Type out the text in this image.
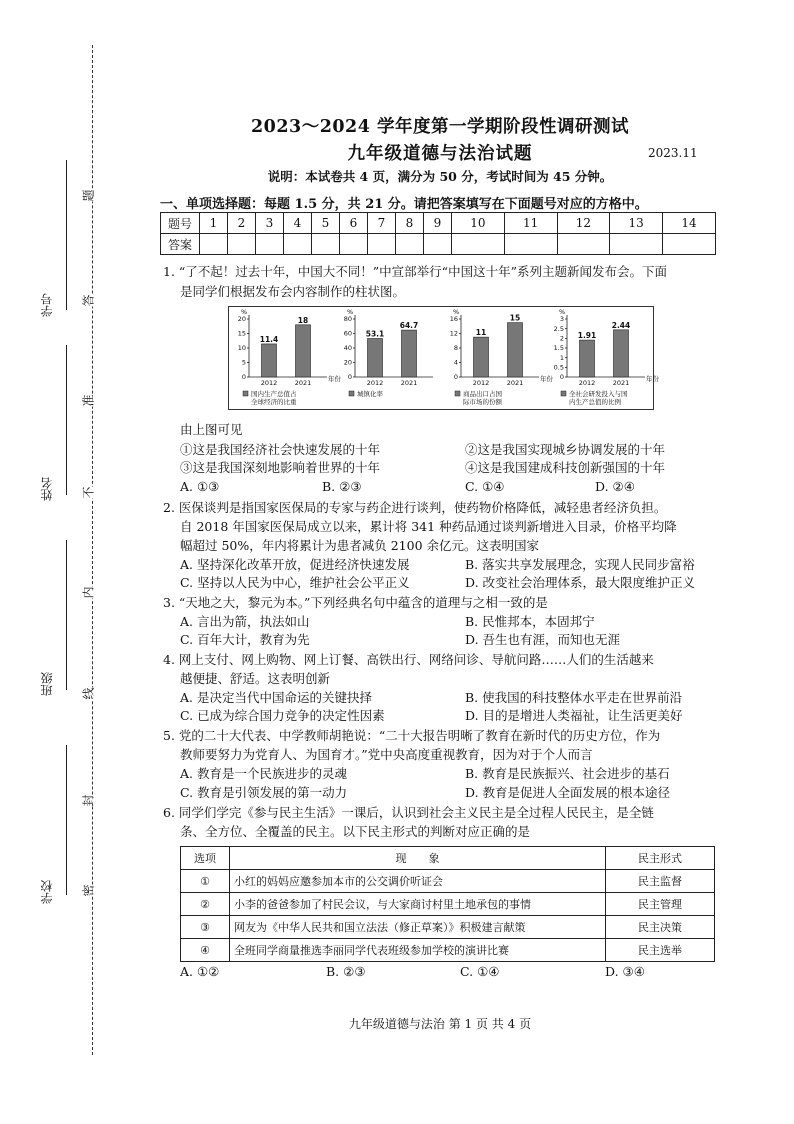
学校
班级
姓名
学号
密
封
线
内
不
准
答
题
2023～2024 学年度第一学期阶段性调研测试
九年级道德与法治试题	2023.11
说明：本试卷共 4 页，满分为 50 分，考试时间为 45 分钟。
一、单项选择题：每题 1.5 分，共 21 分。请把答案填写在下面题号对应的方格中。
题号	1	2	3	4	5	6	7	8	9	10	11	12	13	14
答案														
1. “了不起！过去十年，中国大不同！”中宣部举行“中国这十年”系列主题新闻发布会。下面
是同学们根据发布会内容制作的柱状图。
%
0
5
10
15
20
11.4
2012
18
2021	年份
国内生产总值占
全球经济的比重
%
0
20
40
60
80
53.1
2012
64.7
2021
城镇化率
%
0
4
8
12
16
11
2012
15
2021	年份
商品出口占国
际市场的份额
%
0
0.5
1
1.5
2
2.5
3
1.91
2012
2.44
2021	年份
全社会研发投入与国
内生产总值的比例
由上图可见
①这是我国经济社会快速发展的十年	②这是我国实现城乡协调发展的十年
③这是我国深刻地影响着世界的十年	④这是我国建成科技创新强国的十年
A. ①③	B. ②③	C. ①④	D. ②④
2. 医保谈判是指国家医保局的专家与药企进行谈判，使药物价格降低，减轻患者经济负担。
自 2018 年国家医保局成立以来，累计将 341 种药品通过谈判新增进入目录，价格平均降
幅超过 50%，年内将累计为患者减负 2100 余亿元。这表明国家
A. 坚持深化改革开放，促进经济快速发展	B. 落实共享发展理念，实现人民同步富裕
C. 坚持以人民为中心，维护社会公平正义	D. 改变社会治理体系，最大限度维护正义
3. “天地之大，黎元为本。”下列经典名句中蕴含的道理与之相一致的是
A. 言出为箭，执法如山	B. 民惟邦本，本固邦宁
C. 百年大计，教育为先	D. 吾生也有涯，而知也无涯
4. 网上支付、网上购物、网上订餐、高铁出行、网络问诊、导航问路……人们的生活越来
越便捷、舒适。这表明创新
A. 是决定当代中国命运的关键抉择	B. 使我国的科技整体水平走在世界前沿
C. 已成为综合国力竞争的决定性因素	D. 目的是增进人类福祉，让生活更美好
5. 党的二十大代表、中学教师胡艳说：“二十大报告明晰了教育在新时代的历史方位，作为
教师要努力为党育人、为国育才。”党中央高度重视教育，因为对于个人而言
A. 教育是一个民族进步的灵魂	B. 教育是民族振兴、社会进步的基石
C. 教育是引领发展的第一动力	D. 教育是促进人全面发展的根本途径
6. 同学们学完《参与民主生活》一课后，认识到社会主义民主是全过程人民民主，是全链
条、全方位、全覆盖的民主。以下民主形式的判断对应正确的是
选项	现　　象	民主形式
①	小红的妈妈应邀参加本市的公交调价听证会	民主监督
②	小李的爸爸参加了村民会议，与大家商讨村里土地承包的事情	民主管理
③	网友为《中华人民共和国立法法（修正草案）》积极建言献策	民主决策
④	全班同学商量推选李丽同学代表班级参加学校的演讲比赛	民主选举
A. ①②	B. ②③	C. ①④	D. ③④
九年级道德与法治 第 1 页 共 4 页
